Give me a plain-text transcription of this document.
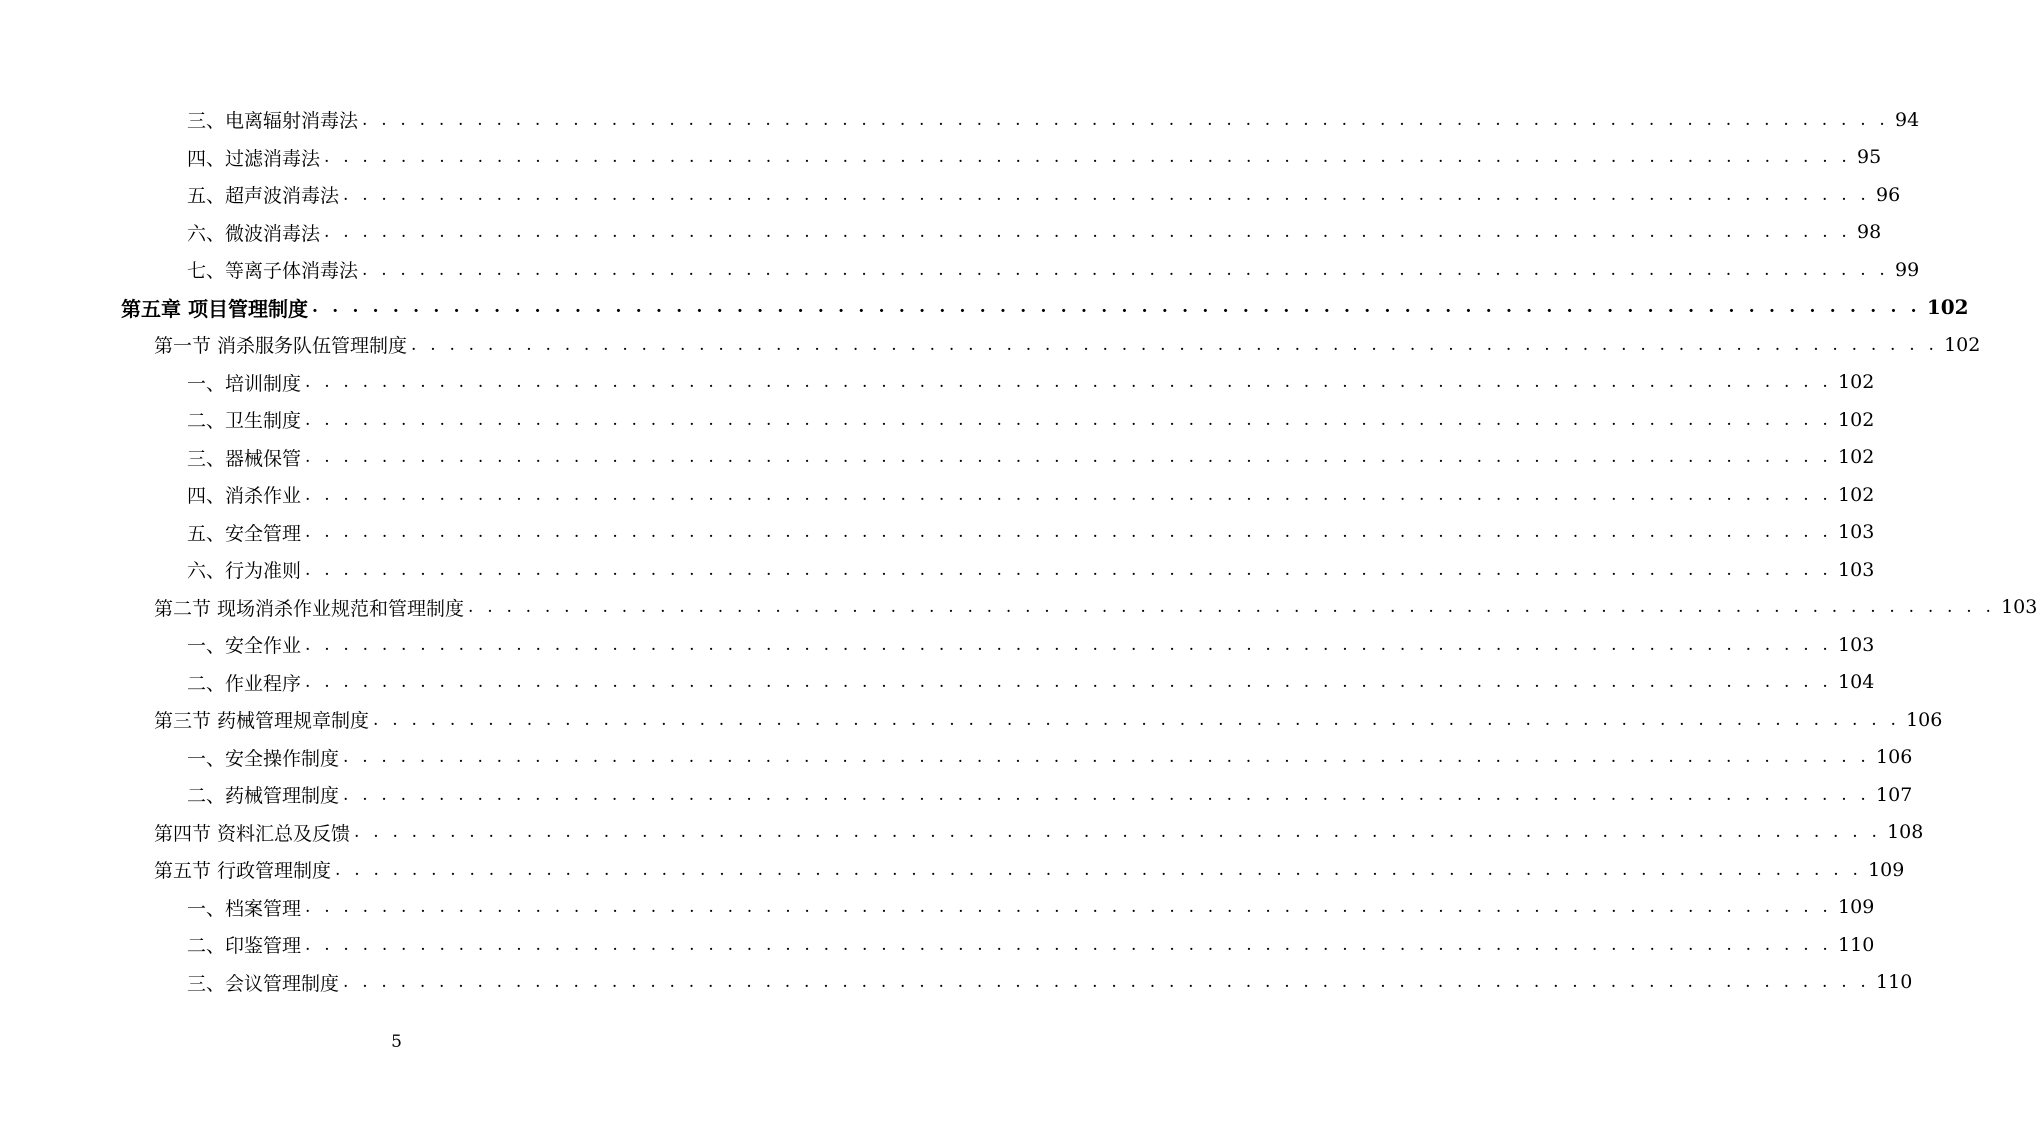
三、电离辐射消毒法 . . . . . . . . . . . . . . . . . . . . . . . . . . . . . . . . . . . . . . . . . . . . . . . . . . . . . . . . . . . . . . . . . . . . . . . . . . . . . . . . 94
四、过滤消毒法 . . . . . . . . . . . . . . . . . . . . . . . . . . . . . . . . . . . . . . . . . . . . . . . . . . . . . . . . . . . . . . . . . . . . . . . . . . . . . . . . 95
五、超声波消毒法 . . . . . . . . . . . . . . . . . . . . . . . . . . . . . . . . . . . . . . . . . . . . . . . . . . . . . . . . . . . . . . . . . . . . . . . . . . . . . . . . 96
六、微波消毒法 . . . . . . . . . . . . . . . . . . . . . . . . . . . . . . . . . . . . . . . . . . . . . . . . . . . . . . . . . . . . . . . . . . . . . . . . . . . . . . . . 98
七、等离子体消毒法 . . . . . . . . . . . . . . . . . . . . . . . . . . . . . . . . . . . . . . . . . . . . . . . . . . . . . . . . . . . . . . . . . . . . . . . . . . . . . . . . 99
第五章 项目管理制度 . . . . . . . . . . . . . . . . . . . . . . . . . . . . . . . . . . . . . . . . . . . . . . . . . . . . . . . . . . . . . . . . . . . . . . . . . . . . . . . . 102
第一节 消杀服务队伍管理制度 . . . . . . . . . . . . . . . . . . . . . . . . . . . . . . . . . . . . . . . . . . . . . . . . . . . . . . . . . . . . . . . . . . . . . . . . . . . . . . . . 102
一、培训制度 . . . . . . . . . . . . . . . . . . . . . . . . . . . . . . . . . . . . . . . . . . . . . . . . . . . . . . . . . . . . . . . . . . . . . . . . . . . . . . . . 102
二、卫生制度 . . . . . . . . . . . . . . . . . . . . . . . . . . . . . . . . . . . . . . . . . . . . . . . . . . . . . . . . . . . . . . . . . . . . . . . . . . . . . . . . 102
三、器械保管 . . . . . . . . . . . . . . . . . . . . . . . . . . . . . . . . . . . . . . . . . . . . . . . . . . . . . . . . . . . . . . . . . . . . . . . . . . . . . . . . 102
四、消杀作业 . . . . . . . . . . . . . . . . . . . . . . . . . . . . . . . . . . . . . . . . . . . . . . . . . . . . . . . . . . . . . . . . . . . . . . . . . . . . . . . . 102
五、安全管理 . . . . . . . . . . . . . . . . . . . . . . . . . . . . . . . . . . . . . . . . . . . . . . . . . . . . . . . . . . . . . . . . . . . . . . . . . . . . . . . . 103
六、行为准则 . . . . . . . . . . . . . . . . . . . . . . . . . . . . . . . . . . . . . . . . . . . . . . . . . . . . . . . . . . . . . . . . . . . . . . . . . . . . . . . . 103
第二节 现场消杀作业规范和管理制度 . . . . . . . . . . . . . . . . . . . . . . . . . . . . . . . . . . . . . . . . . . . . . . . . . . . . . . . . . . . . . . . . . . . . . . . . . . . . . . . . 103
一、安全作业 . . . . . . . . . . . . . . . . . . . . . . . . . . . . . . . . . . . . . . . . . . . . . . . . . . . . . . . . . . . . . . . . . . . . . . . . . . . . . . . . 103
二、作业程序 . . . . . . . . . . . . . . . . . . . . . . . . . . . . . . . . . . . . . . . . . . . . . . . . . . . . . . . . . . . . . . . . . . . . . . . . . . . . . . . . 104
第三节 药械管理规章制度 . . . . . . . . . . . . . . . . . . . . . . . . . . . . . . . . . . . . . . . . . . . . . . . . . . . . . . . . . . . . . . . . . . . . . . . . . . . . . . . . 106
一、安全操作制度 . . . . . . . . . . . . . . . . . . . . . . . . . . . . . . . . . . . . . . . . . . . . . . . . . . . . . . . . . . . . . . . . . . . . . . . . . . . . . . . . 106
二、药械管理制度 . . . . . . . . . . . . . . . . . . . . . . . . . . . . . . . . . . . . . . . . . . . . . . . . . . . . . . . . . . . . . . . . . . . . . . . . . . . . . . . . 107
第四节 资料汇总及反馈 . . . . . . . . . . . . . . . . . . . . . . . . . . . . . . . . . . . . . . . . . . . . . . . . . . . . . . . . . . . . . . . . . . . . . . . . . . . . . . . . 108
第五节 行政管理制度 . . . . . . . . . . . . . . . . . . . . . . . . . . . . . . . . . . . . . . . . . . . . . . . . . . . . . . . . . . . . . . . . . . . . . . . . . . . . . . . . 109
一、档案管理 . . . . . . . . . . . . . . . . . . . . . . . . . . . . . . . . . . . . . . . . . . . . . . . . . . . . . . . . . . . . . . . . . . . . . . . . . . . . . . . . 109
二、印鉴管理 . . . . . . . . . . . . . . . . . . . . . . . . . . . . . . . . . . . . . . . . . . . . . . . . . . . . . . . . . . . . . . . . . . . . . . . . . . . . . . . . 110
三、会议管理制度 . . . . . . . . . . . . . . . . . . . . . . . . . . . . . . . . . . . . . . . . . . . . . . . . . . . . . . . . . . . . . . . . . . . . . . . . . . . . . . . . 110
5
